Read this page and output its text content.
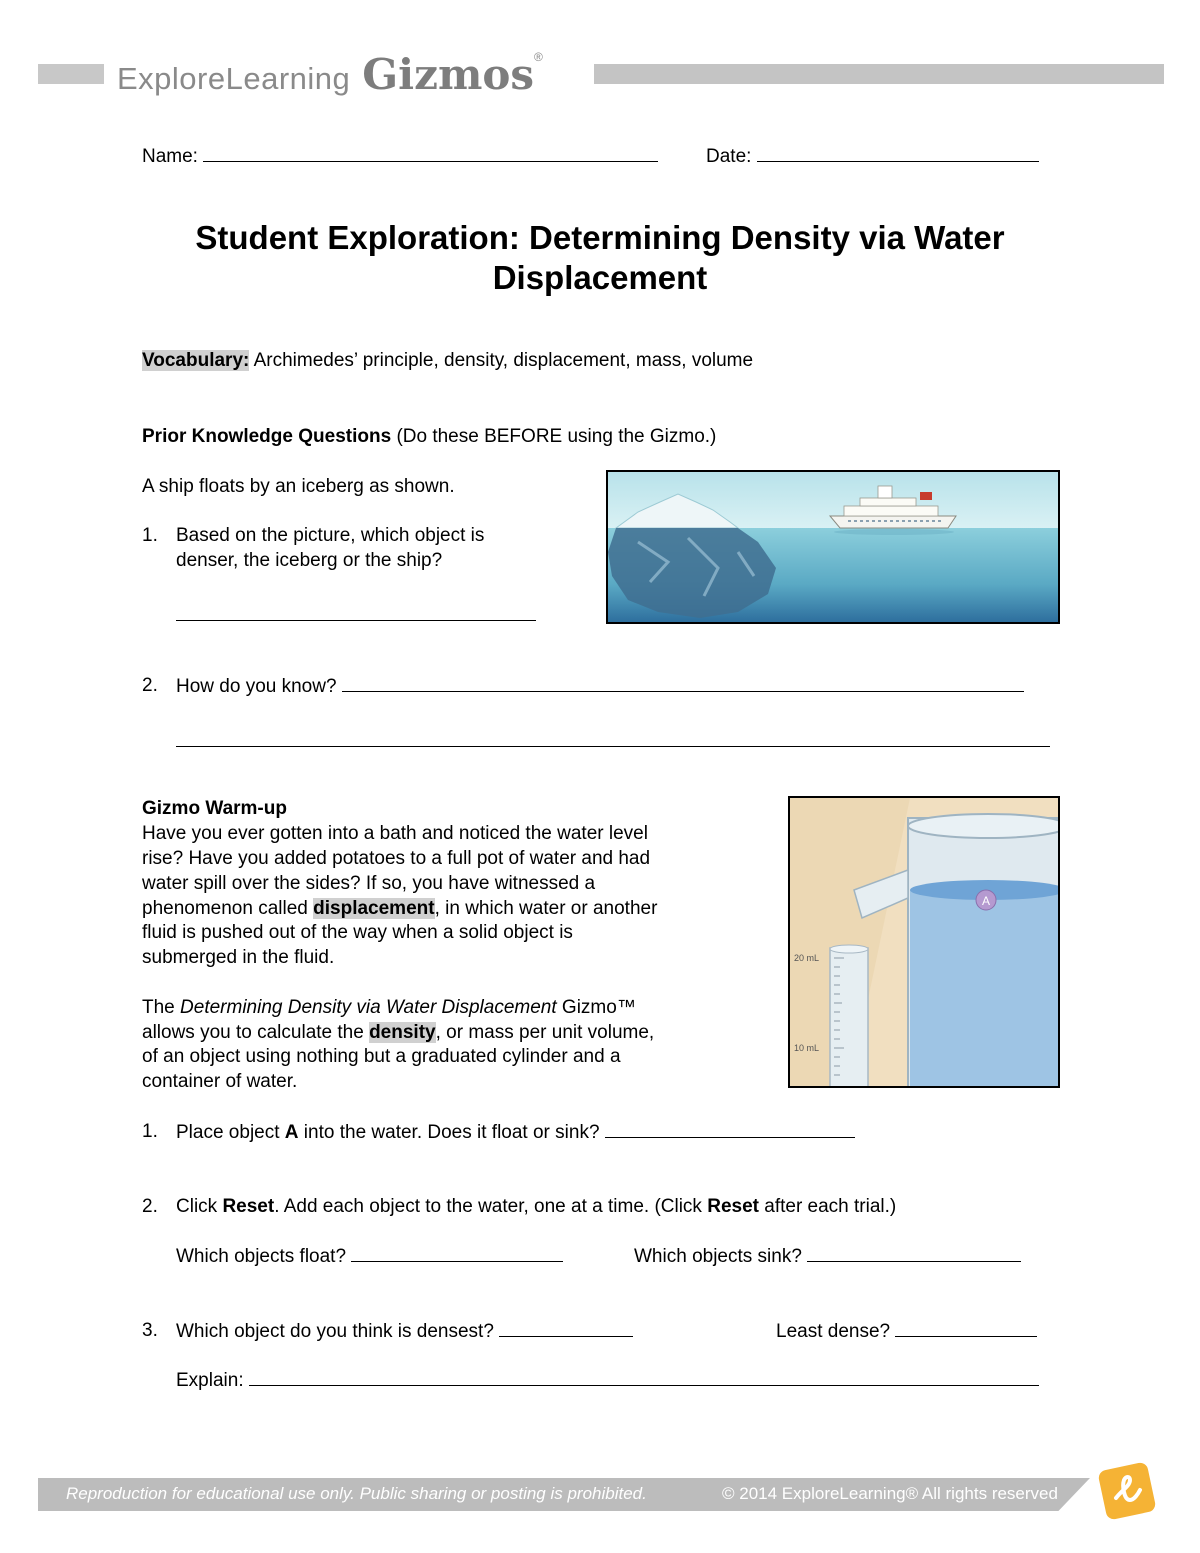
ExploreLearning Gizmos®
Name:	Date:
Student Exploration: Determining Density via Water
Displacement
Vocabulary: Archimedes’ principle, density, displacement, mass, volume
Prior Knowledge Questions (Do these BEFORE using the Gizmo.)
A ship floats by an iceberg as shown.
1. Based on the picture, which object is
denser, the iceberg or the ship?
2. How do you know?
Gizmo Warm-up
Have you ever gotten into a bath and noticed the water level
rise? Have you added potatoes to a full pot of water and had
water spill over the sides? If so, you have witnessed a
phenomenon called displacement, in which water or another
fluid is pushed out of the way when a solid object is
submerged in the fluid.
The Determining Density via Water Displacement Gizmo™
allows you to calculate the density, or mass per unit volume,
of an object using nothing but a graduated cylinder and a
container of water.
A
20 mL
10 mL
1. Place object A into the water. Does it float or sink?
2. Click Reset. Add each object to the water, one at a time. (Click Reset after each trial.)
Which objects float?	Which objects sink?
3. Which object do you think is densest?	Least dense?
Explain:
Reproduction for educational use only. Public sharing or posting is prohibited.	© 2014 ExploreLearning® All rights reserved
